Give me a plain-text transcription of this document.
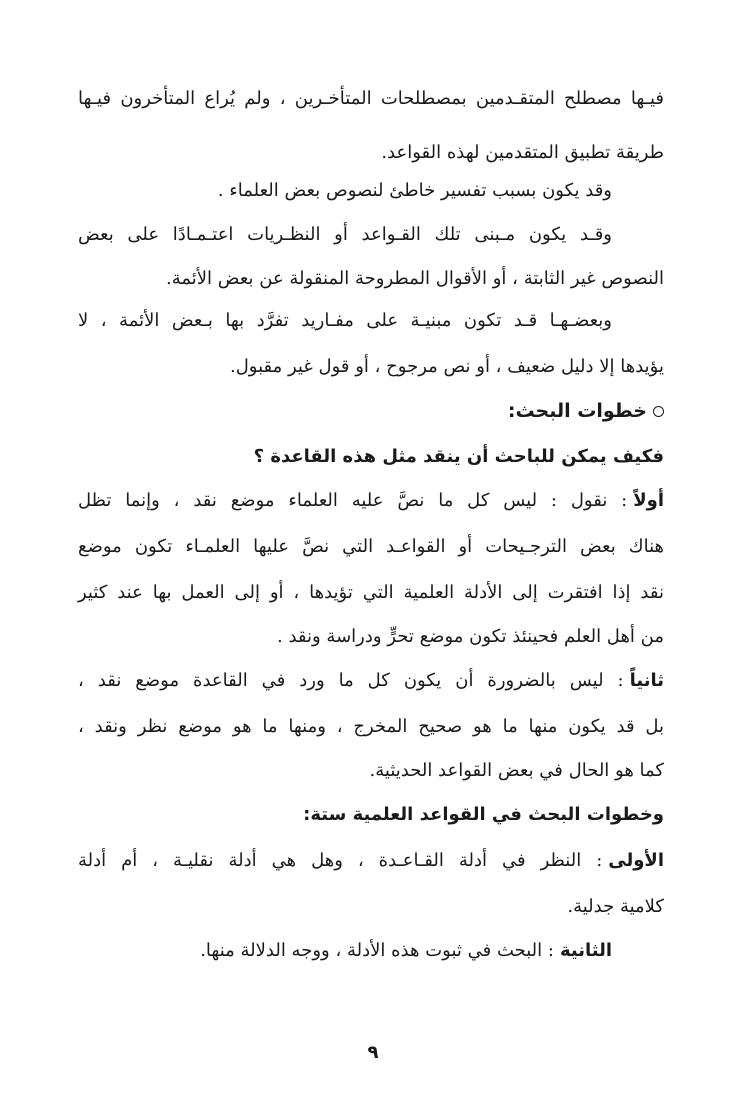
فيـها مصطلح المتقـدمين بمصطلحات المتأخـرين ، ولم يُراع المتأخرون فيـها
طريقة تطبيق المتقدمين لهذه القواعد.
وقد يكون بسبب تفسير خاطئ لنصوص بعض العلماء .
وقـد يكون مـبنى تلك القـواعد أو النظـريات اعتـمـادًا على بعض
النصوص غير الثابتة ، أو الأقوال المطروحة المنقولة عن بعض الأئمة.
وبعضـهـا قـد تكون مبنيـة على مفـاريد تفرَّد بها بـعض الأئمة ، لا
يؤيدها إلا دليل ضعيف ، أو نص مرجوح ، أو قول غير مقبول.
خطوات البحث:
فكيف يمكن للباحث أن ينقد مثل هذه القاعدة ؟
أولاً: نقول : ليس كل ما نصَّ عليه العلماء موضع نقد ، وإنما تظل
هناك بعض الترجـيحات أو القواعـد التي نصَّ عليها العلمـاء تكون موضع
نقد إذا افتقرت إلى الأدلة العلمية التي تؤيدها ، أو إلى العمل بها عند كثير
من أهل العلم فحينئذ تكون موضع تحرٍّ ودراسة ونقد .
ثانياً: ليس بالضرورة أن يكون كل ما ورد في القاعدة موضع نقد ،
بل قد يكون منها ما هو صحيح المخرج ، ومنها ما هو موضع نظر ونقد ،
كما هو الحال في بعض القواعد الحديثية.
وخطوات البحث في القواعد العلمية ستة:
الأولى: النظر في أدلة القـاعـدة ، وهل هي أدلة نقليـة ، أم أدلة
كلامية جدلية.
الثانية: البحث في ثبوت هذه الأدلة ، ووجه الدلالة منها.
٩
